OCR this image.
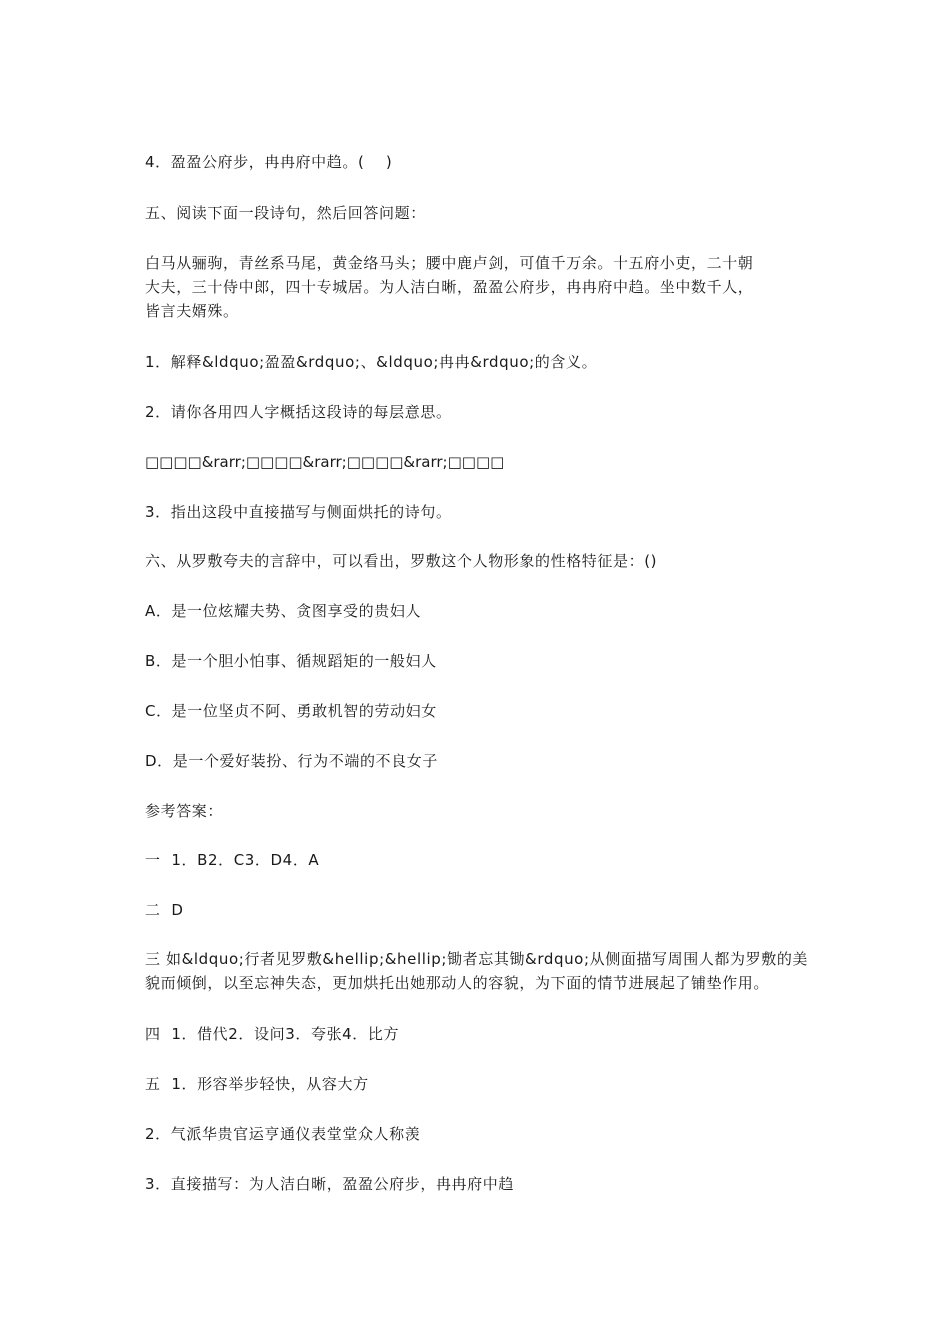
4．盈盈公府步，冉冉府中趋。(    )
五、阅读下面一段诗句，然后回答问题：
白马从骊驹，青丝系马尾，黄金络马头；腰中鹿卢剑，可值千万余。十五府小吏，二十朝
大夫，三十侍中郎，四十专城居。为人洁白晰，盈盈公府步，冉冉府中趋。坐中数千人，
皆言夫婿殊。
1．解释&ldquo;盈盈&rdquo;、&ldquo;冉冉&rdquo;的含义。
2．请你各用四人字概括这段诗的每层意思。
□□□□&rarr;□□□□&rarr;□□□□&rarr;□□□□
3．指出这段中直接描写与侧面烘托的诗句。
六、从罗敷夸夫的言辞中，可以看出，罗敷这个人物形象的性格特征是：()
A．是一位炫耀夫势、贪图享受的贵妇人
B．是一个胆小怕事、循规蹈矩的一般妇人
C．是一位坚贞不阿、勇敢机智的劳动妇女
D．是一个爱好装扮、行为不端的不良女子
参考答案：
一  1．B2．C3．D4．A
二  D
三 如&ldquo;行者见罗敷&hellip;&hellip;锄者忘其锄&rdquo;从侧面描写周围人都为罗敷的美
貌而倾倒，以至忘神失态，更加烘托出她那动人的容貌，为下面的情节进展起了铺垫作用。
四  1．借代2．设问3．夸张4．比方
五  1．形容举步轻快，从容大方
2．气派华贵官运亨通仪表堂堂众人称羡
3．直接描写：为人洁白晰，盈盈公府步，冉冉府中趋
